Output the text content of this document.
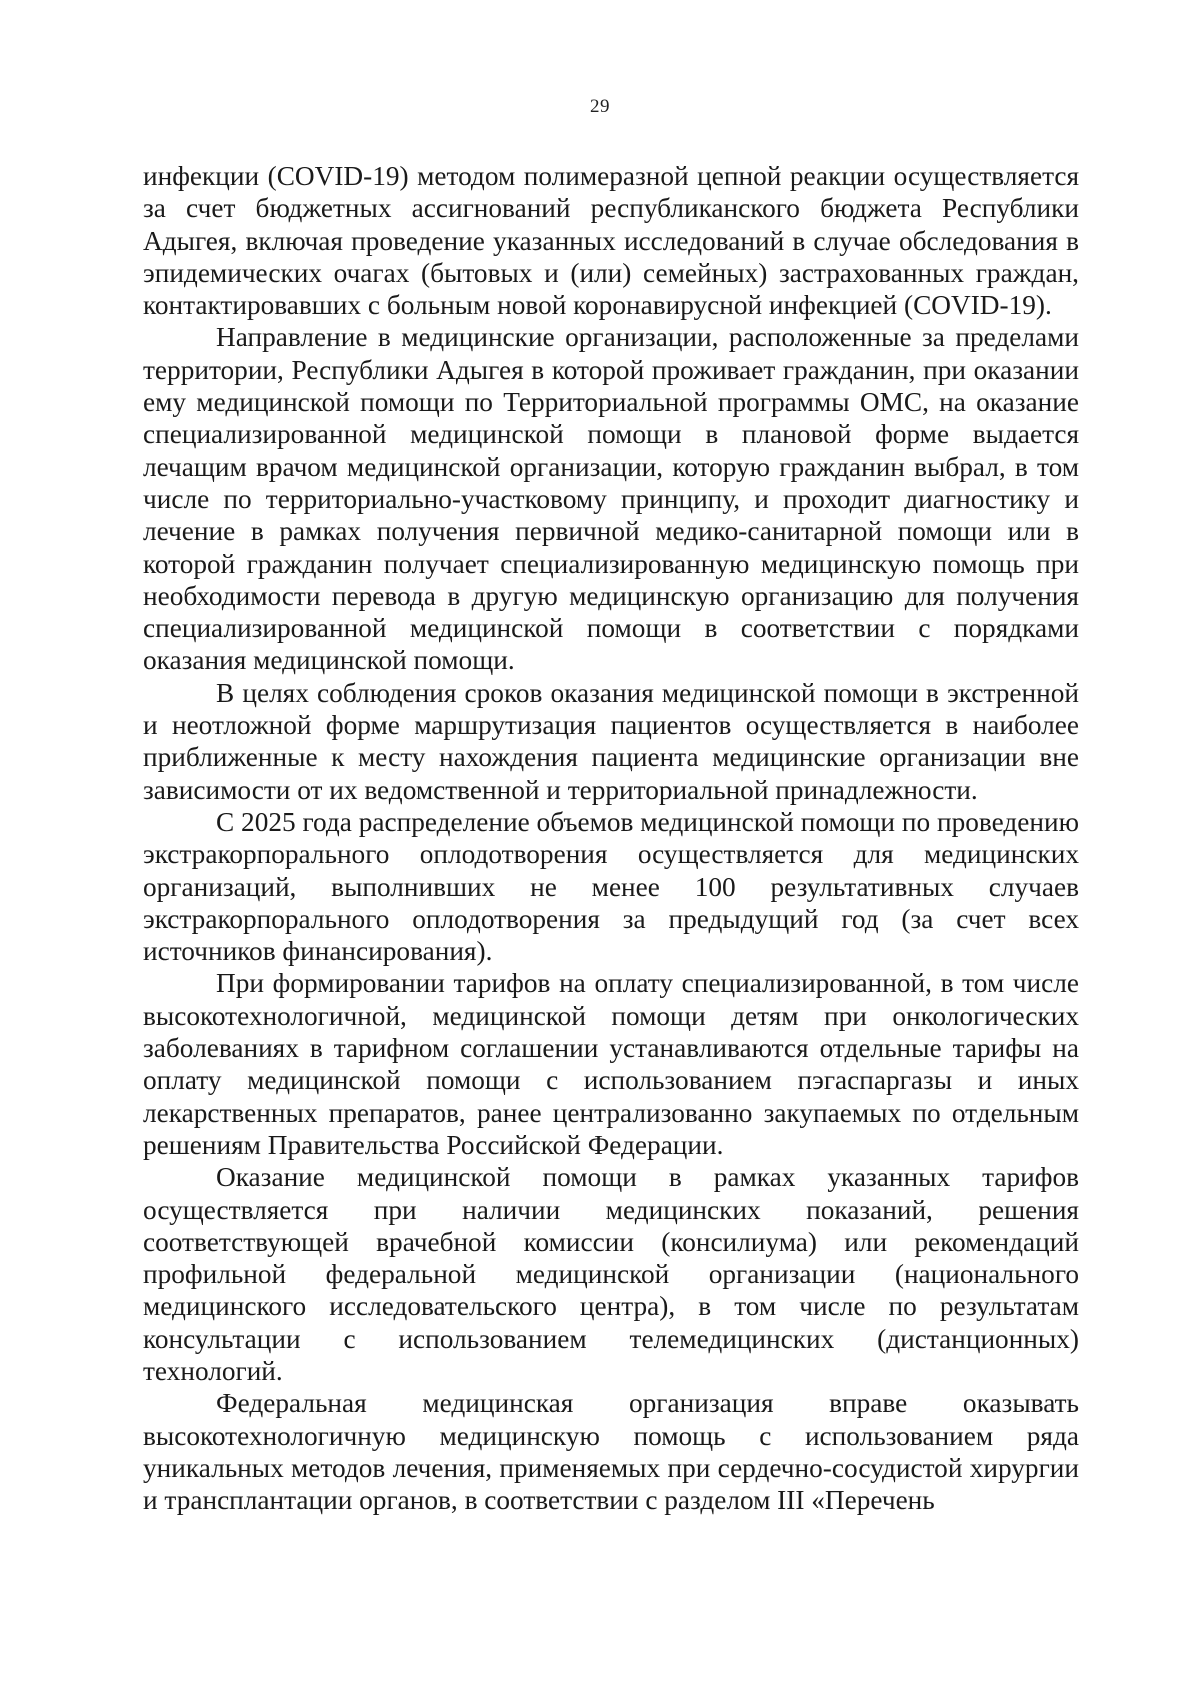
29

инфекции (COVID-19) методом полимеразной цепной реакции осуществляется за счет бюджетных ассигнований республиканского бюджета Республики Адыгея, включая проведение указанных исследований в случае обследования в эпидемических очагах (бытовых и (или) семейных) застрахованных граждан, контактировавших с больным новой коронавирусной инфекцией (COVID-19).

Направление в медицинские организации, расположенные за пределами территории, Республики Адыгея в которой проживает гражданин, при оказании ему медицинской помощи по Территориальной программы ОМС, на оказание специализированной медицинской помощи в плановой форме выдается лечащим врачом медицинской организации, которую гражданин выбрал, в том числе по территориально-участковому принципу, и проходит диагностику и лечение в рамках получения первичной медико-санитарной помощи или в которой гражданин получает специализированную медицинскую помощь при необходимости перевода в другую медицинскую организацию для получения специализированной медицинской помощи в соответствии с порядками оказания медицинской помощи.

В целях соблюдения сроков оказания медицинской помощи в экстренной и неотложной форме маршрутизация пациентов осуществляется в наиболее приближенные к месту нахождения пациента медицинские организации вне зависимости от их ведомственной и территориальной принадлежности.

С 2025 года распределение объемов медицинской помощи по проведению экстракорпорального оплодотворения осуществляется для медицинских организаций, выполнивших не менее 100 результативных случаев экстракорпорального оплодотворения за предыдущий год (за счет всех источников финансирования).

При формировании тарифов на оплату специализированной, в том числе высокотехнологичной, медицинской помощи детям при онкологических заболеваниях в тарифном соглашении устанавливаются отдельные тарифы на оплату медицинской помощи с использованием пэгаспаргазы и иных лекарственных препаратов, ранее централизованно закупаемых по отдельным решениям Правительства Российской Федерации.

Оказание медицинской помощи в рамках указанных тарифов осуществляется при наличии медицинских показаний, решения соответствующей врачебной комиссии (консилиума) или рекомендаций профильной федеральной медицинской организации (национального медицинского исследовательского центра), в том числе по результатам консультации с использованием телемедицинских (дистанционных) технологий.

Федеральная медицинская организация вправе оказывать высокотехнологичную медицинскую помощь с использованием ряда уникальных методов лечения, применяемых при сердечно-сосудистой хирургии и трансплантации органов, в соответствии с разделом III «Перечень
